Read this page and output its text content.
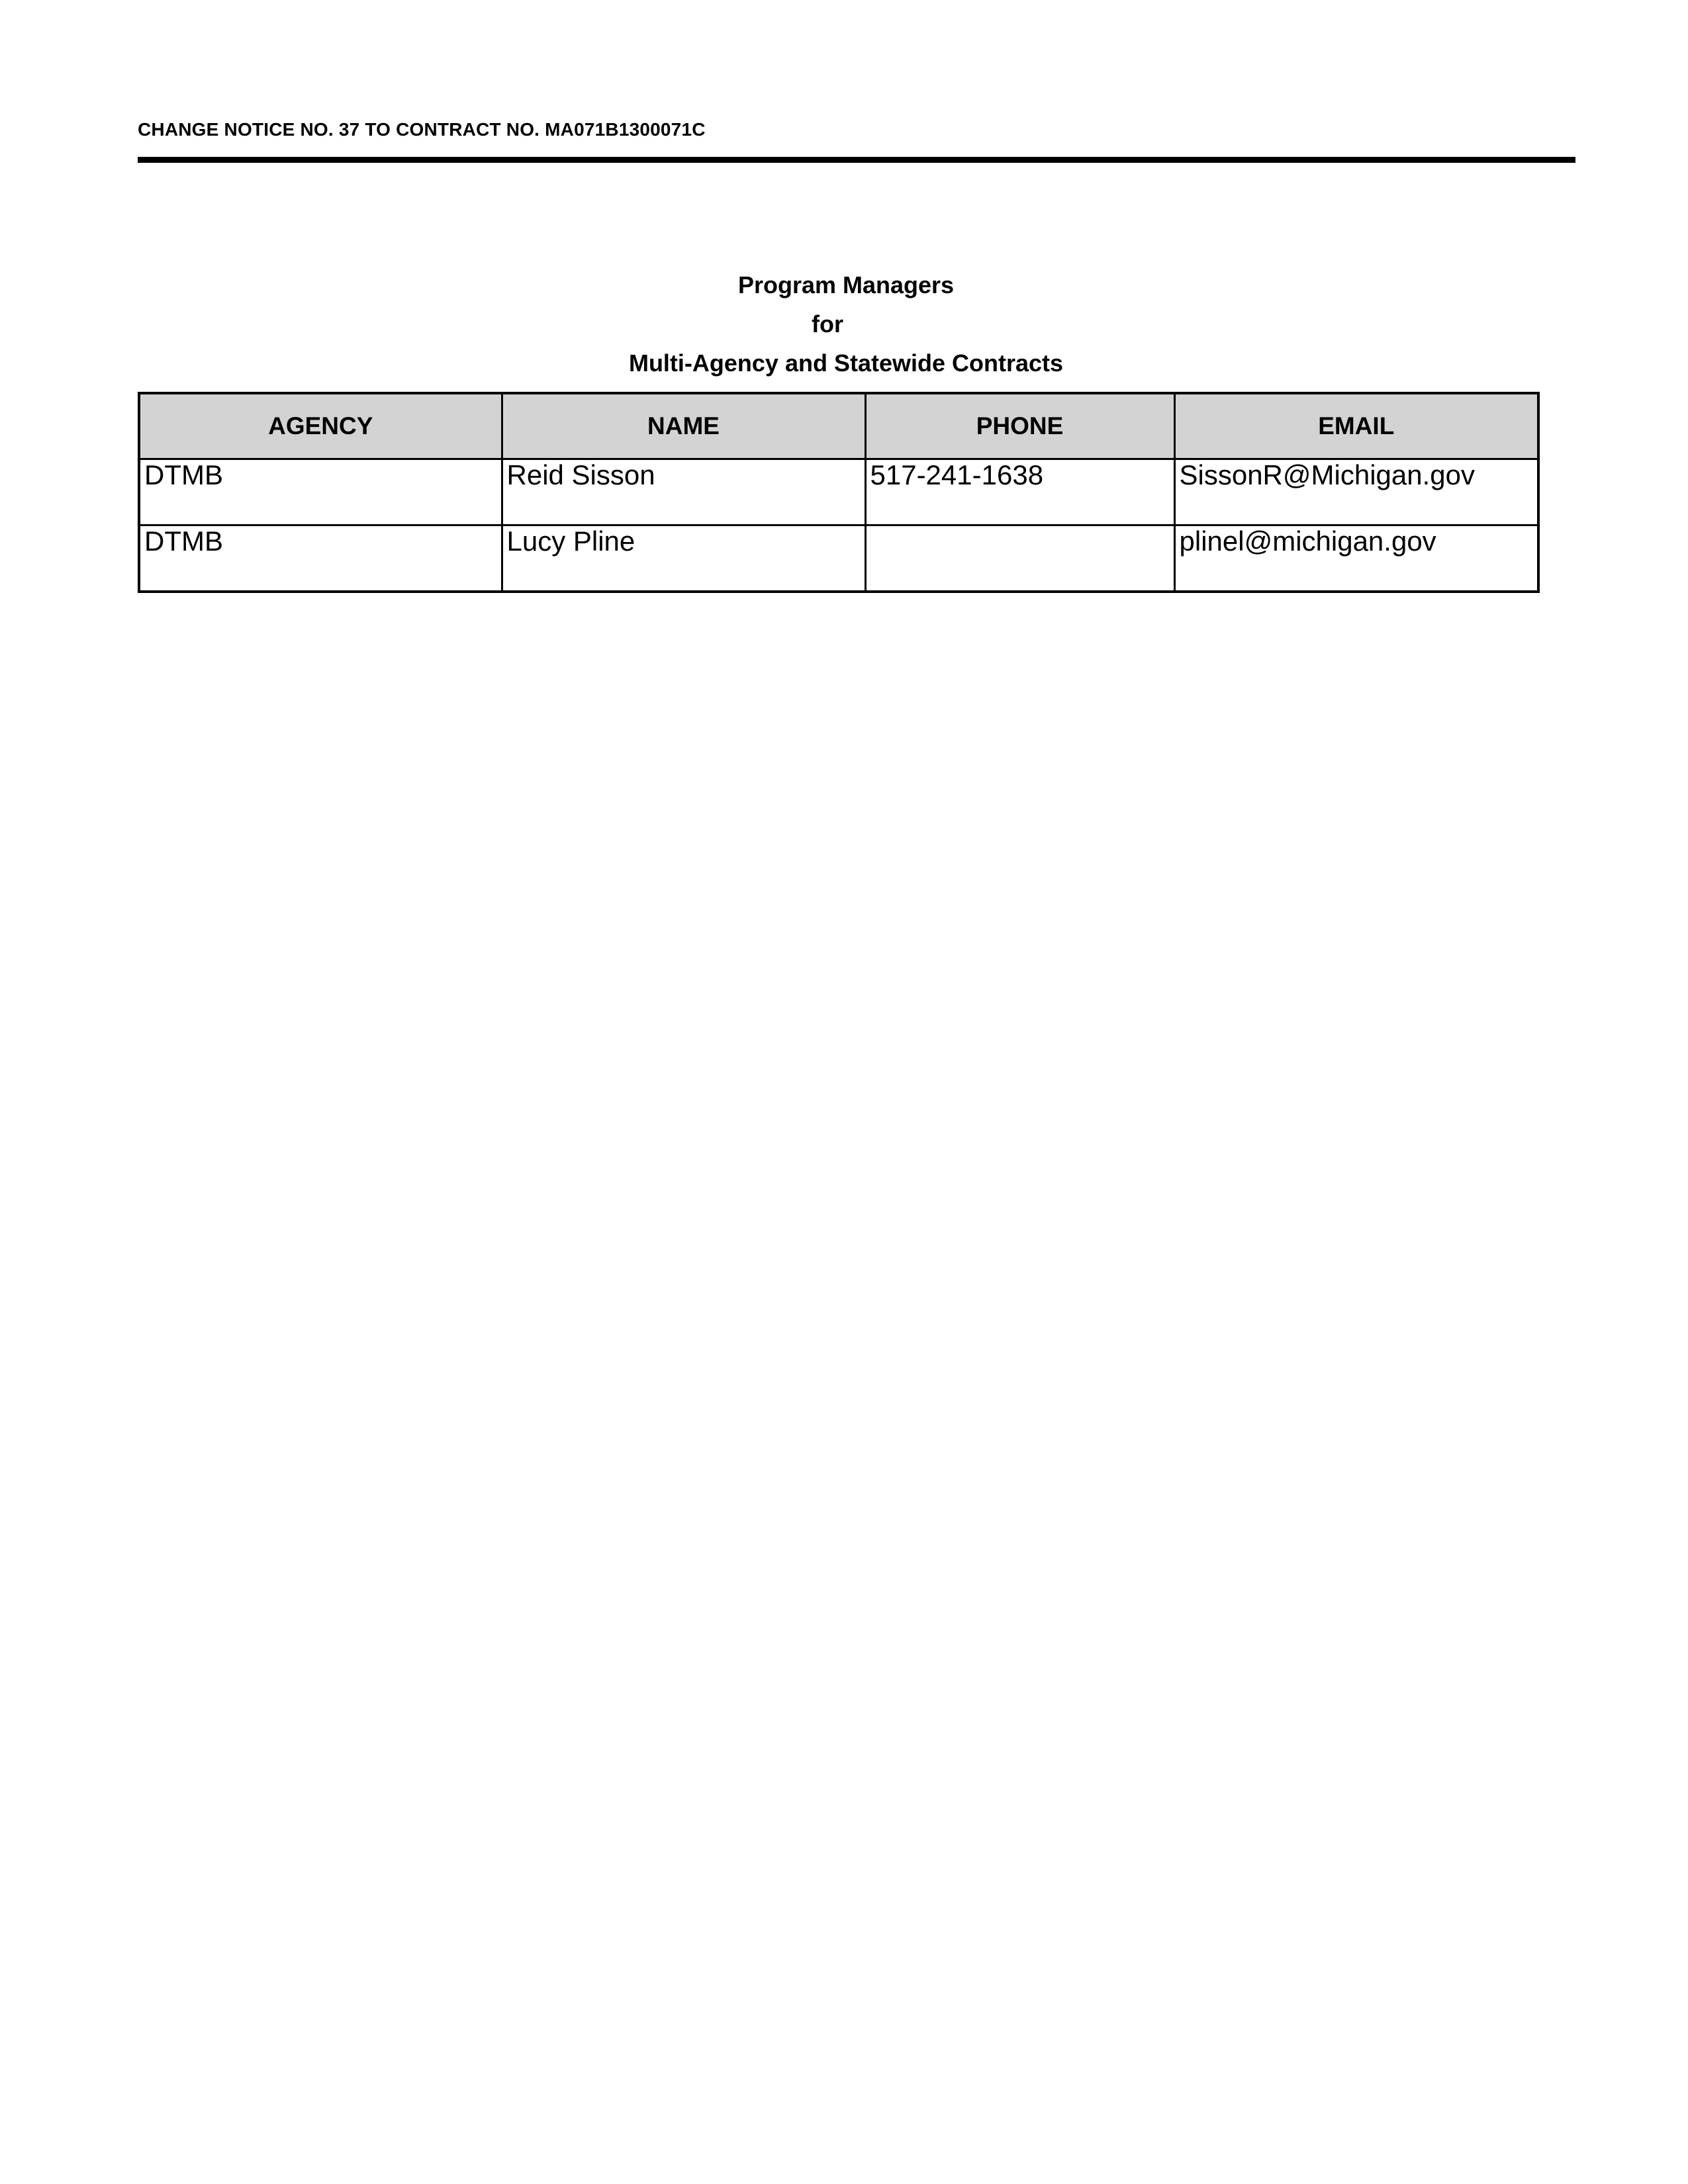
CHANGE NOTICE NO. 37 TO CONTRACT NO. MA071B1300071C
Program Managers
for
Multi-Agency and Statewide Contracts
AGENCY	NAME	PHONE	EMAIL
DTMB	Reid Sisson	517-241-1638	SissonR@Michigan.gov
DTMB	Lucy Pline		plinel@michigan.gov
